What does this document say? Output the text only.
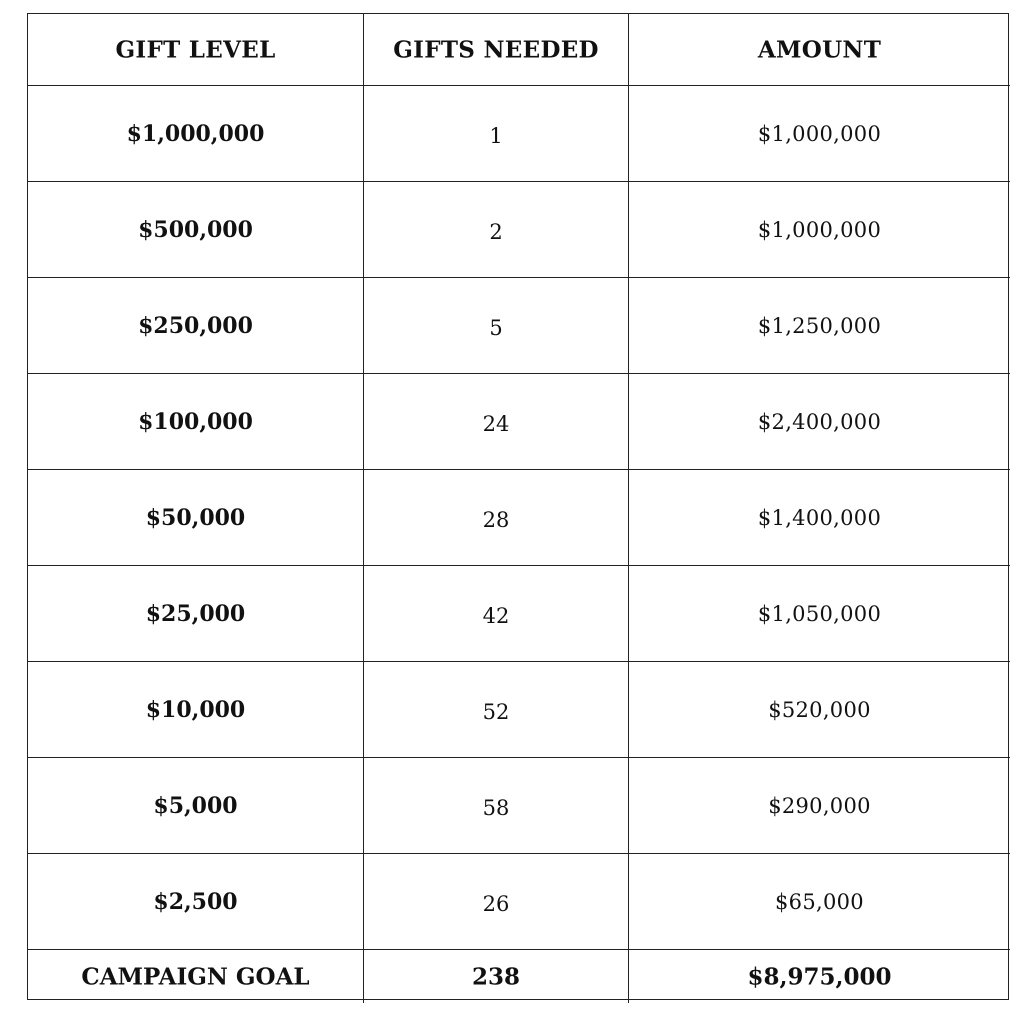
GIFT LEVEL	GIFTS NEEDED	AMOUNT
$1,000,000	1	$1,000,000
$500,000	2	$1,000,000
$250,000	5	$1,250,000
$100,000	24	$2,400,000
$50,000	28	$1,400,000
$25,000	42	$1,050,000
$10,000	52	$520,000
$5,000	58	$290,000
$2,500	26	$65,000
CAMPAIGN GOAL	238	$8,975,000
